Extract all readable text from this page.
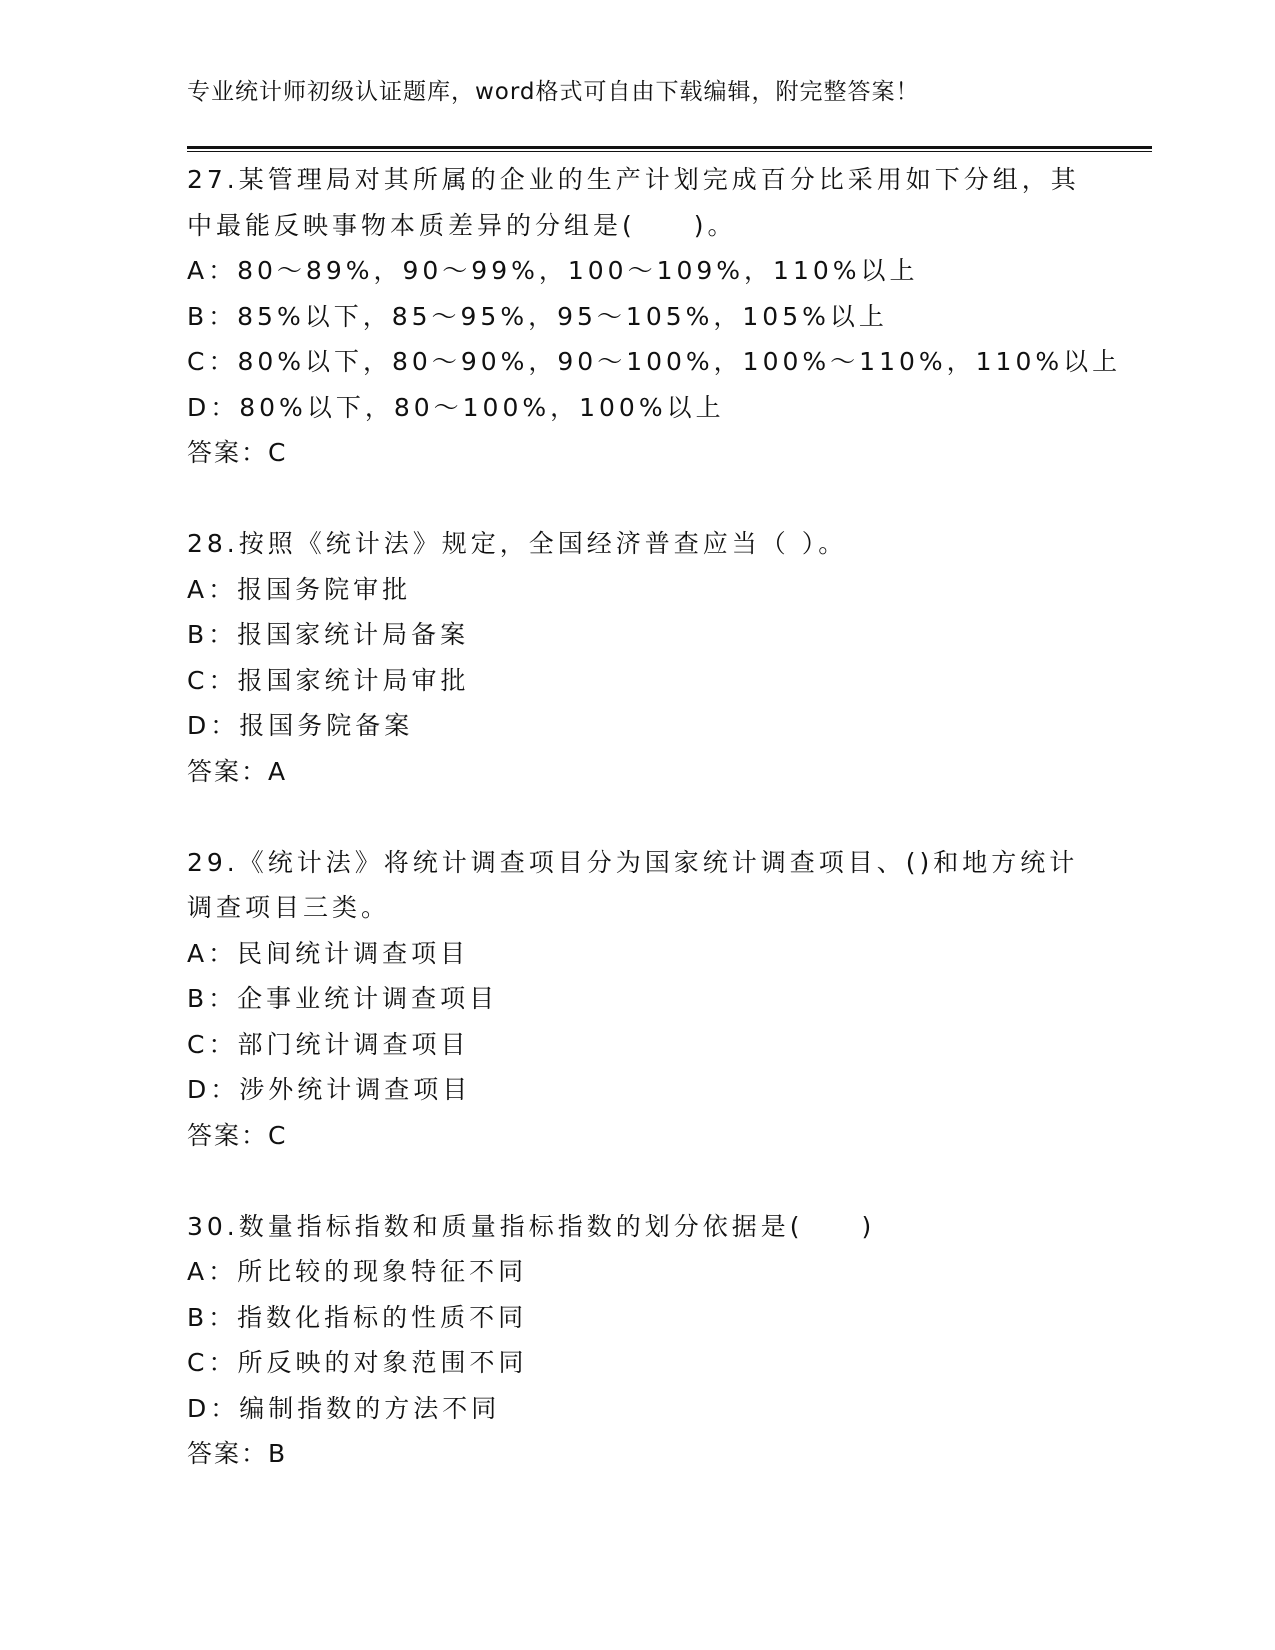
专业统计师初级认证题库，word格式可自由下载编辑，附完整答案！
27.某管理局对其所属的企业的生产计划完成百分比采用如下分组，其
中最能反映事物本质差异的分组是(　　)。
A：80～89%，90～99%，100～109%，110%以上
B：85%以下，85～95%，95～105%，105%以上
C：80%以下，80～90%，90～100%，100%～110%，110%以上
D：80%以下，80～100%，100%以上
答案：C
28.按照《统计法》规定，全国经济普查应当（ ）。
A：报国务院审批
B：报国家统计局备案
C：报国家统计局审批
D：报国务院备案
答案：A
29.《统计法》将统计调查项目分为国家统计调查项目、()和地方统计
调查项目三类。
A：民间统计调查项目
B：企事业统计调查项目
C：部门统计调查项目
D：涉外统计调查项目
答案：C
30.数量指标指数和质量指标指数的划分依据是(　　)
A：所比较的现象特征不同
B：指数化指标的性质不同
C：所反映的对象范围不同
D：编制指数的方法不同
答案：B
